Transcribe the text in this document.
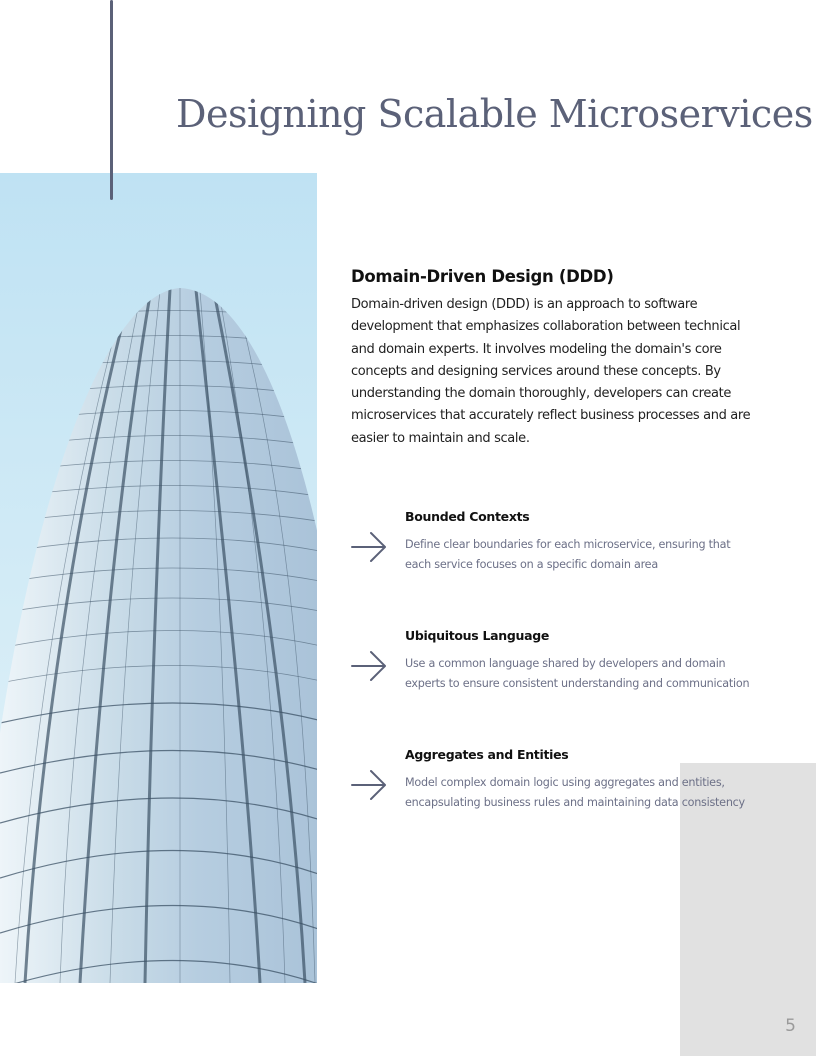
Designing Scalable Microservices
Domain-Driven Design (DDD)

Domain-driven design (DDD) is an approach to software development that emphasizes collaboration between technical and domain experts. It involves modeling the domain's core concepts and designing services around these concepts. By understanding the domain thoroughly, developers can create microservices that accurately reflect business processes and are easier to maintain and scale.

Bounded Contexts

Define clear boundaries for each microservice, ensuring that

each service focuses on a specific domain area

Ubiquitous Language

Use a common language shared by developers and domain

experts to ensure consistent understanding and communication

Aggregates and Entities

Model complex domain logic using aggregates and entities,

encapsulating business rules and maintaining data consistency

5
